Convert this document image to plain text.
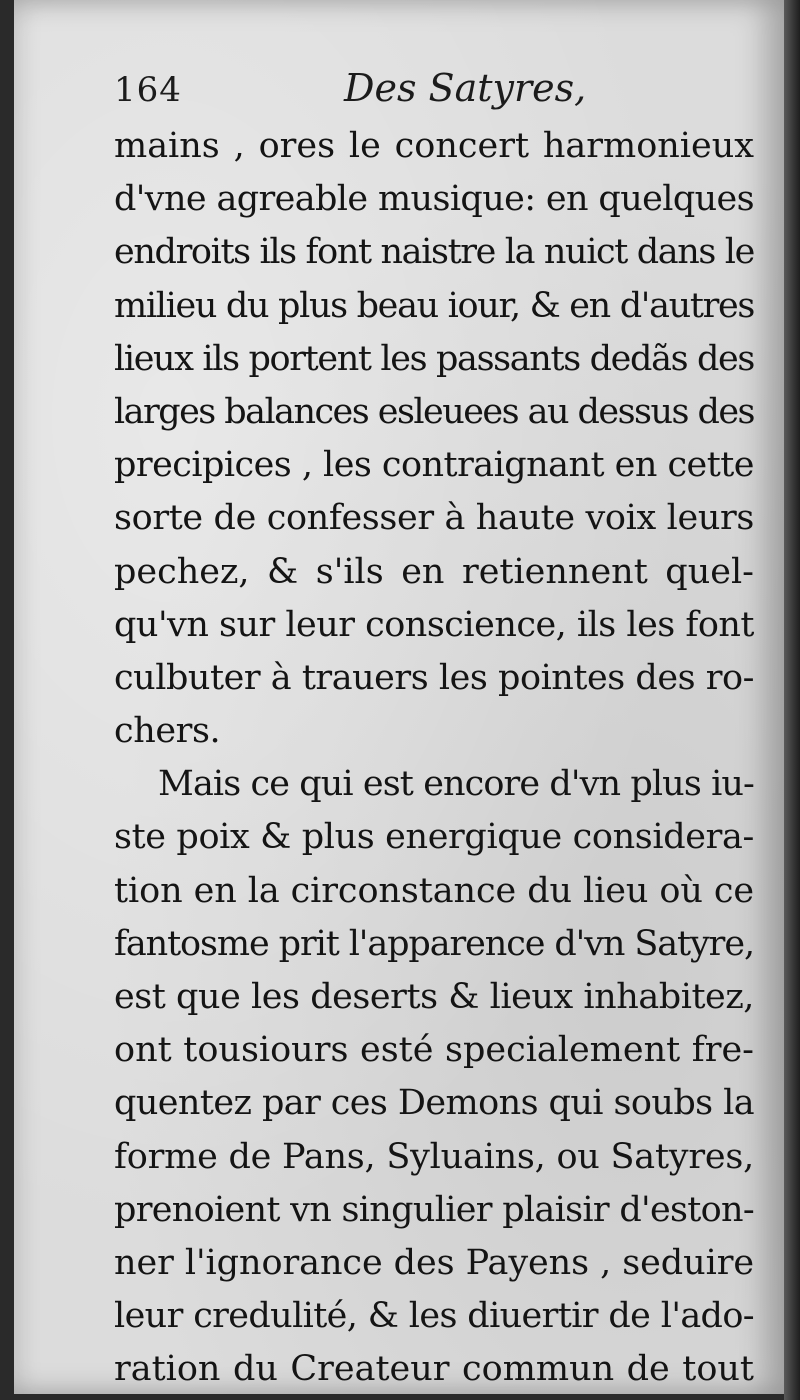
164	Des Satyres,
mains , ores le concert harmonieux
d'vne agreable musique: en quelques
endroits ils font naistre la nuict dans le
milieu du plus beau iour, & en d'autres
lieux ils portent les passants dedãs des
larges balances esleuees au dessus des
precipices , les contraignant en cette
sorte de confesser à haute voix leurs
pechez, & s'ils en retiennent quel-
qu'vn sur leur conscience, ils les font
culbuter à trauers les pointes des ro-
chers.
Mais ce qui est encore d'vn plus iu-
ste poix & plus energique considera-
tion en la circonstance du lieu où ce
fantosme prit l'apparence d'vn Satyre,
est que les deserts & lieux inhabitez,
ont tousiours esté specialement fre-
quentez par ces Demons qui soubs la
forme de Pans, Syluains, ou Satyres,
prenoient vn singulier plaisir d'eston-
ner l'ignorance des Payens , seduire
leur credulité, & les diuertir de l'ado-
ration du Createur commun de tout
